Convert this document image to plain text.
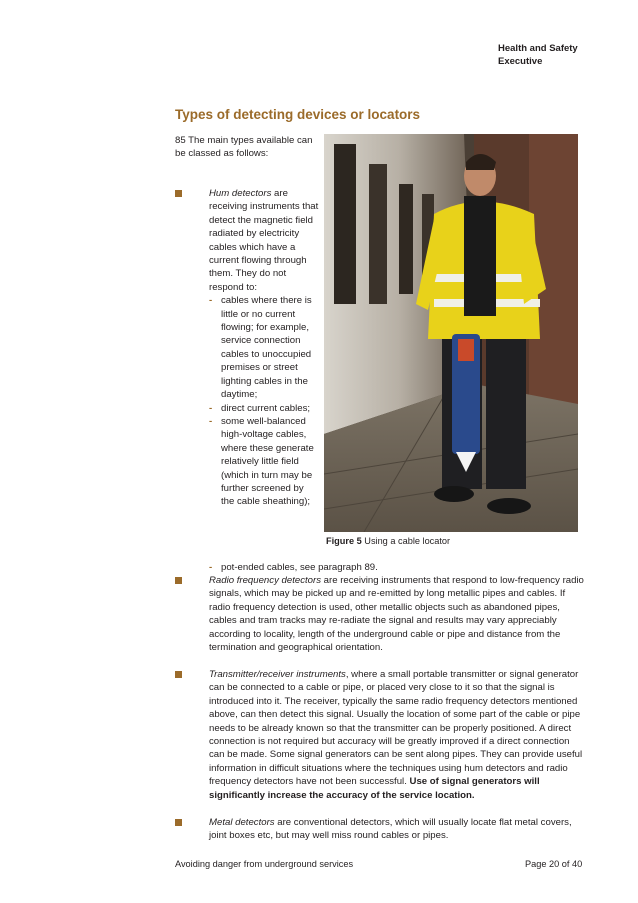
Health and Safety
Executive
Types of detecting devices or locators
85 The main types available can be classed as follows:
Figure 5 Using a cable locator
Hum detectors are receiving instruments that detect the magnetic field radiated by electricity cables which have a current flowing through them. They do not respond to:
- cables where there is little or no current flowing; for example, service connection cables to unoccupied premises or street lighting cables in the daytime;
- direct current cables;
- some well-balanced high-voltage cables, where these generate relatively little field (which in turn may be further screened by the cable sheathing);
- pot-ended cables, see paragraph 89.
Radio frequency detectors are receiving instruments that respond to low-frequency radio signals, which may be picked up and re-emitted by long metallic pipes and cables. If radio frequency detection is used, other metallic objects such as abandoned pipes, cables and tram tracks may re-radiate the signal and results may vary appreciably according to locality, length of the underground cable or pipe and distance from the termination and geographical orientation.
Transmitter/receiver instruments, where a small portable transmitter or signal generator can be connected to a cable or pipe, or placed very close to it so that the signal is introduced into it. The receiver, typically the same radio frequency detectors mentioned above, can then detect this signal. Usually the location of some part of the cable or pipe needs to be already known so that the transmitter can be properly positioned. A direct connection is not required but accuracy will be greatly improved if a direct connection can be made. Some signal generators can be sent along pipes. They can provide useful information in difficult situations where the techniques using hum detectors and radio frequency detectors have not been successful. Use of signal generators will significantly increase the accuracy of the service location.
Metal detectors are conventional detectors, which will usually locate flat metal covers, joint boxes etc, but may well miss round cables or pipes.
Avoiding danger from underground services	Page 20 of 40
